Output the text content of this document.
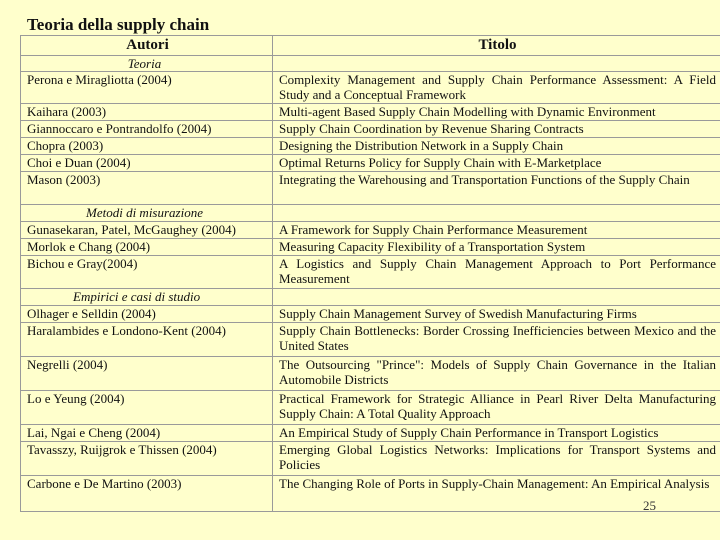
Teoria della supply chain
Autori	Titolo
Teoria	
Perona e Miragliotta (2004)	Complexity Management and Supply Chain Performance Assessment: A Field Study and a Conceptual Framework
Kaihara (2003)	Multi-agent Based Supply Chain Modelling with Dynamic Environment
Giannoccaro e Pontrandolfo (2004)	Supply Chain Coordination by Revenue Sharing Contracts
Chopra (2003)	Designing the Distribution Network in a Supply Chain
Choi e Duan (2004)	Optimal Returns Policy for Supply Chain with E-Marketplace
Mason (2003)	Integrating the Warehousing and Transportation Functions of the Supply Chain
Metodi di misurazione	
Gunasekaran, Patel, McGaughey (2004)	A Framework for Supply Chain Performance Measurement
Morlok e Chang (2004)	Measuring Capacity Flexibility of a Transportation System
Bichou e Gray(2004)	A Logistics and Supply Chain Management Approach to Port Performance Measurement
Empirici e casi di studio	
Olhager e Selldin (2004)	Supply Chain Management Survey of Swedish Manufacturing Firms
Haralambides e Londono-Kent (2004)	Supply Chain Bottlenecks: Border Crossing Inefficiencies between Mexico and the United States
Negrelli (2004)	The Outsourcing "Prince": Models of Supply Chain Governance in the Italian Automobile Districts
Lo e Yeung (2004)	Practical Framework for Strategic Alliance in Pearl River Delta Manufacturing Supply Chain: A Total Quality Approach
Lai, Ngai e Cheng (2004)	An Empirical Study of Supply Chain Performance in Transport Logistics
Tavasszy, Ruijgrok e Thissen (2004)	Emerging Global Logistics Networks: Implications for Transport Systems and Policies
Carbone e De Martino (2003)	The Changing Role of Ports in Supply-Chain Management: An Empirical Analysis
25
